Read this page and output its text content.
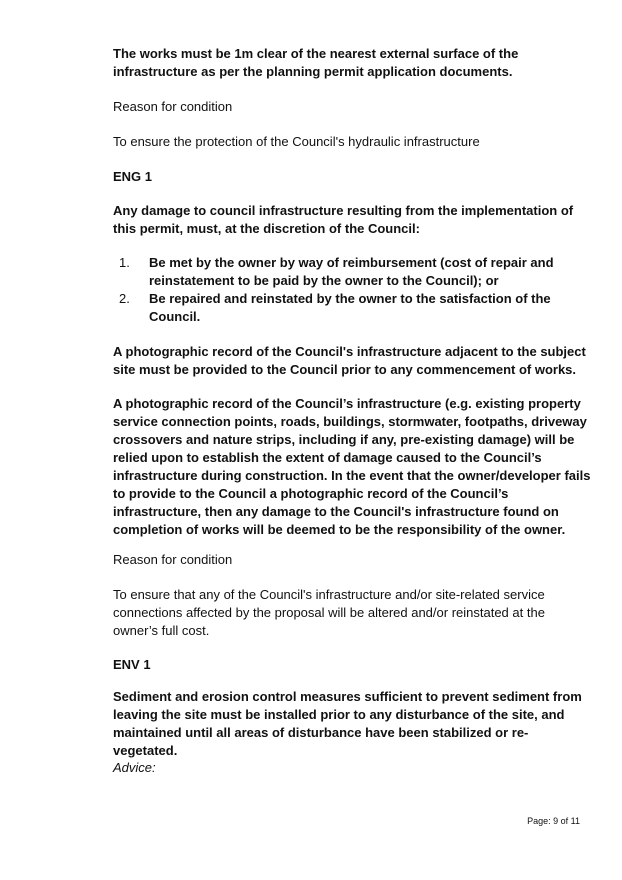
The works must be 1m clear of the nearest external surface of the infrastructure as per the planning permit application documents.

Reason for condition

To ensure the protection of the Council's hydraulic infrastructure

ENG 1

Any damage to council infrastructure resulting from the implementation of this permit, must, at the discretion of the Council:

1. Be met by the owner by way of reimbursement (cost of repair and reinstatement to be paid by the owner to the Council); or
2. Be repaired and reinstated by the owner to the satisfaction of the Council.

A photographic record of the Council's infrastructure adjacent to the subject site must be provided to the Council prior to any commencement of works.

A photographic record of the Council’s infrastructure (e.g. existing property service connection points, roads, buildings, stormwater, footpaths, driveway crossovers and nature strips, including if any, pre-existing damage) will be relied upon to establish the extent of damage caused to the Council’s infrastructure during construction. In the event that the owner/developer fails to provide to the Council a photographic record of the Council’s infrastructure, then any damage to the Council's infrastructure found on completion of works will be deemed to be the responsibility of the owner.

Reason for condition

To ensure that any of the Council's infrastructure and/or site-related service connections affected by the proposal will be altered and/or reinstated at the owner’s full cost.

ENV 1

Sediment and erosion control measures sufficient to prevent sediment from leaving the site must be installed prior to any disturbance of the site, and maintained until all areas of disturbance have been stabilized or re-vegetated.

Advice:

Page: 9 of 11
